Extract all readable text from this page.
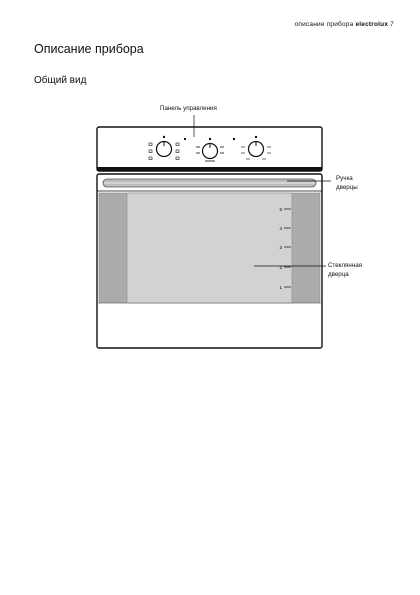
описание прибора electrolux 7
Описание прибора
Общий вид
5
4
3
2
1
Панель управления
Ручка
дверцы
Стеклянная
дверца
